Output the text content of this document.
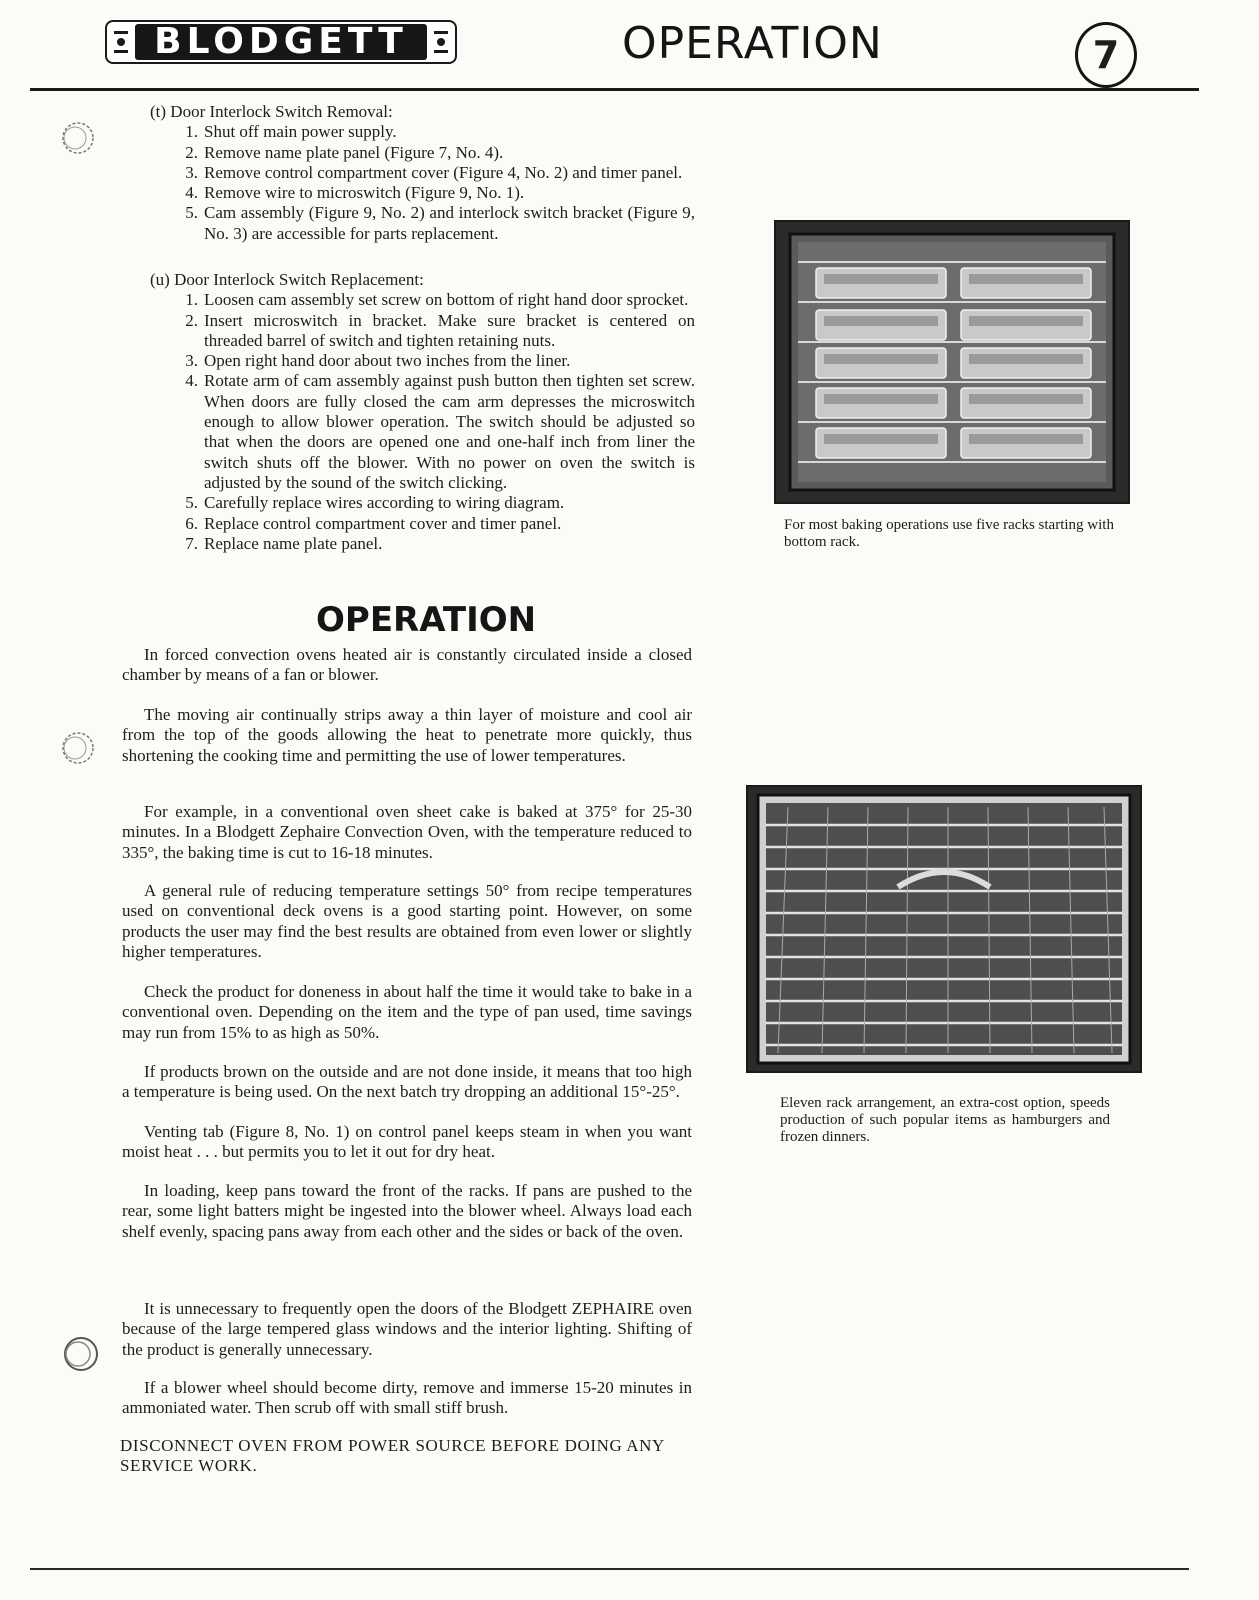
BLODGETT	OPERATION	7

(t) Door Interlock Switch Removal:

1. Shut off main power supply.
2. Remove name plate panel (Figure 7, No. 4).
3. Remove control compartment cover (Figure 4, No. 2) and timer panel.
4. Remove wire to microswitch (Figure 9, No. 1).
5. Cam assembly (Figure 9, No. 2) and interlock switch bracket (Figure 9, No. 3) are accessible for parts replacement.

(u) Door Interlock Switch Replacement:

1. Loosen cam assembly set screw on bottom of right hand door sprocket.
2. Insert microswitch in bracket. Make sure bracket is centered on threaded barrel of switch and tighten retaining nuts.
3. Open right hand door about two inches from the liner.
4. Rotate arm of cam assembly against push button then tighten set screw. When doors are fully closed the cam arm depresses the microswitch enough to allow blower operation. The switch should be adjusted so that when the doors are opened one and one-half inch from liner the switch shuts off the blower. With no power on oven the switch is adjusted by the sound of the switch clicking.
5. Carefully replace wires according to wiring diagram.
6. Replace control compartment cover and timer panel.
7. Replace name plate panel.
OPERATION

In forced convection ovens heated air is constantly circulated inside a closed chamber by means of a fan or blower.

The moving air continually strips away a thin layer of moisture and cool air from the top of the goods allowing the heat to penetrate more quickly, thus shortening the cooking time and permitting the use of lower temperatures.

For example, in a conventional oven sheet cake is baked at 375° for 25-30 minutes. In a Blodgett Zephaire Convection Oven, with the temperature reduced to 335°, the baking time is cut to 16-18 minutes.

A general rule of reducing temperature settings 50° from recipe temperatures used on conventional deck ovens is a good starting point. However, on some products the user may find the best results are obtained from even lower or slightly higher temperatures.

Check the product for doneness in about half the time it would take to bake in a conventional oven. Depending on the item and the type of pan used, time savings may run from 15% to as high as 50%.

If products brown on the outside and are not done inside, it means that too high a temperature is being used. On the next batch try dropping an additional 15°-25°.

Venting tab (Figure 8, No. 1) on control panel keeps steam in when you want moist heat . . . but permits you to let it out for dry heat.

In loading, keep pans toward the front of the racks. If pans are pushed to the rear, some light batters might be ingested into the blower wheel. Always load each shelf evenly, spacing pans away from each other and the sides or back of the oven.

It is unnecessary to frequently open the doors of the Blodgett ZEPHAIRE oven because of the large tempered glass windows and the interior lighting. Shifting of the product is generally unnecessary.

If a blower wheel should become dirty, remove and immerse 15-20 minutes in ammoniated water. Then scrub off with small stiff brush.

DISCONNECT OVEN FROM POWER SOURCE BEFORE DOING ANY SERVICE WORK.

For most baking operations use five racks starting with bottom rack.

Eleven rack arrangement, an extra-cost option, speeds production of such popular items as hamburgers and frozen dinners.
